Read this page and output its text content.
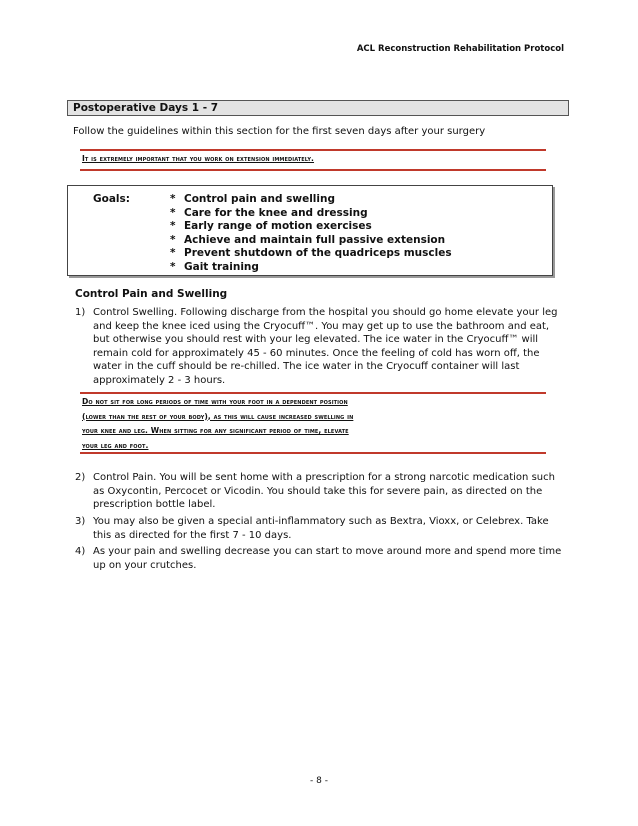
ACL Reconstruction Rehabilitation Protocol
Postoperative Days 1 - 7
Follow the guidelines within this section for the first seven days after your surgery
It is extremely important that you work on extension immediately.
Goals:	* Control pain and swelling
* Care for the knee and dressing
* Early range of motion exercises
* Achieve and maintain full passive extension
* Prevent shutdown of the quadriceps muscles
* Gait training
Control Pain and Swelling
1) Control Swelling. Following discharge from the hospital you should go home elevate your leg and keep the knee iced using the Cryocuff™. You may get up to use the bathroom and eat, but otherwise you should rest with your leg elevated. The ice water in the Cryocuff™ will remain cold for approximately 45 - 60 minutes. Once the feeling of cold has worn off, the water in the cuff should be re-chilled. The ice water in the Cryocuff container will last approximately 2 - 3 hours.
Do not sit for long periods of time with your foot in a dependent position
(lower than the rest of your body), as this will cause increased swelling in
your knee and leg. When sitting for any significant period of time, elevate
your leg and foot.
2) Control Pain. You will be sent home with a prescription for a strong narcotic medication such as Oxycontin, Percocet or Vicodin. You should take this for severe pain, as directed on the prescription bottle label.
3) You may also be given a special anti-inflammatory such as Bextra, Vioxx, or Celebrex. Take this as directed for the first 7 - 10 days.
4) As your pain and swelling decrease you can start to move around more and spend more time up on your crutches.
- 8 -
